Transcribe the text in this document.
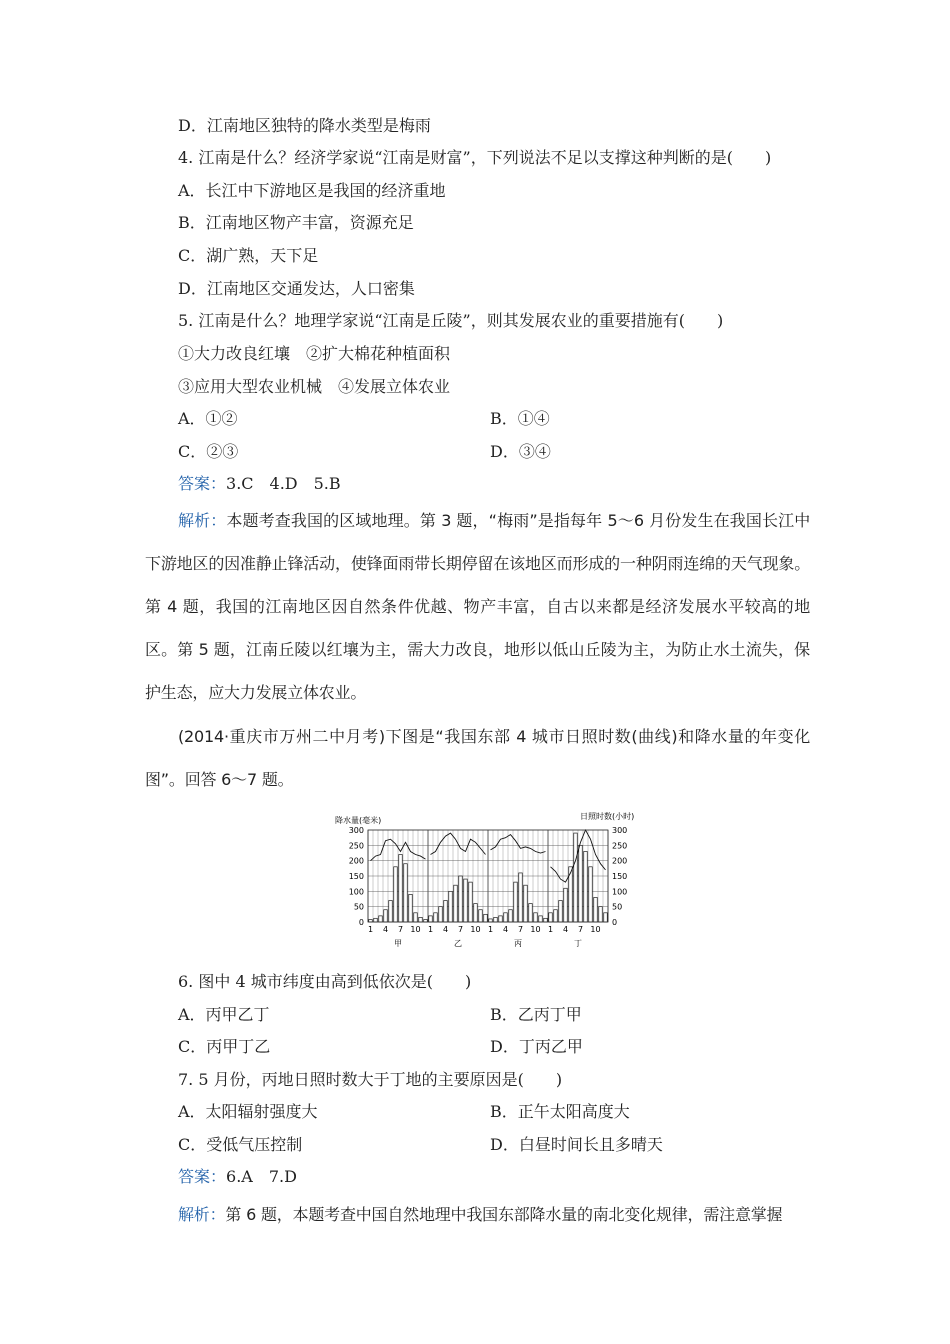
D．江南地区独特的降水类型是梅雨
4. 江南是什么？经济学家说“江南是财富”，下列说法不足以支撑这种判断的是(　　)
A．长江中下游地区是我国的经济重地
B．江南地区物产丰富，资源充足
C．湖广熟，天下足
D．江南地区交通发达，人口密集
5. 江南是什么？地理学家说“江南是丘陵”，则其发展农业的重要措施有(　　)
①大力改良红壤　②扩大棉花种植面积
③应用大型农业机械　④发展立体农业
A．①②	B．①④
C．②③	D．③④
答案：3.C　4.D　5.B
解析：本题考查我国的区域地理。第 3 题，“梅雨”是指每年 5～6 月份发生在我国长江中下游地区的因准静止锋活动，使锋面雨带长期停留在该地区而形成的一种阴雨连绵的天气现象。第 4 题，我国的江南地区因自然条件优越、物产丰富，自古以来都是经济发展水平较高的地区。第 5 题，江南丘陵以红壤为主，需大力改良，地形以低山丘陵为主，为防止水土流失，保护生态，应大力发展立体农业。
(2014·重庆市万州二中月考)下图是“我国东部 4 城市日照时数(曲线)和降水量的年变化图”。回答 6～7 题。
降水量(毫米)	日照时数(小时)
0	0
50	50
100	100
150	150
200	200
250	250
300	300
1 4 7 10
甲
1 4 7 10
乙
1 4 7 10
丙
1 4 7 10
丁
6. 图中 4 城市纬度由高到低依次是(　　)
A．丙甲乙丁	B．乙丙丁甲
C．丙甲丁乙	D．丁丙乙甲
7. 5 月份，丙地日照时数大于丁地的主要原因是(　　)
A．太阳辐射强度大	B．正午太阳高度大
C．受低气压控制	D．白昼时间长且多晴天
答案：6.A　7.D
解析：第 6 题，本题考查中国自然地理中我国东部降水量的南北变化规律，需注意掌握
